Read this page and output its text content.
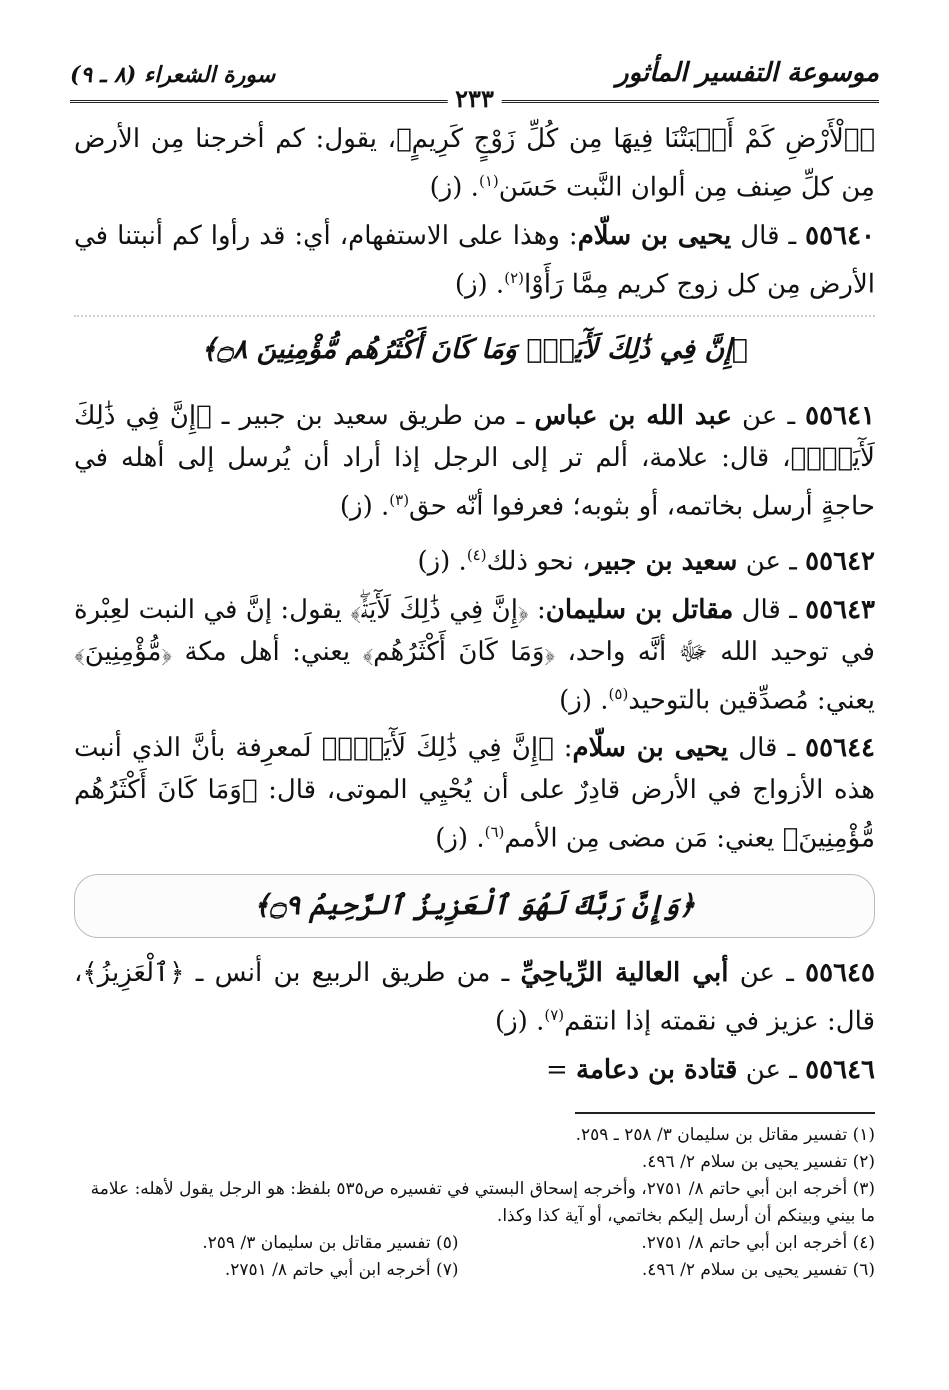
موسوعة التفسير المأثور
٢٣٣
سورة الشعراء (٨ ـ ٩)

﴿ٱلْأَرْضِ كَمْ أَنۢبَتْنَا فِيهَا مِن كُلِّ زَوْجٍ كَرِيمٍ﴾، يقول: كم أخرجنا مِن الأرض مِن كلِّ صِنف مِن ألوان النَّبت حَسَن$^{(١)}$. (ز)

٥٥٦٤٠ ـ قال يحيى بن سلّام: وهذا على الاستفهام، أي: قد رأوا كم أنبتنا في الأرض مِن كل زوج كريم مِمَّا رَأَوْا$^{(٢)}$. (ز)

﴿إِنَّ فِي ذَٰلِكَ لَأٓيَةًۖ وَمَا كَانَ أَكْثَرُهُم مُّؤْمِنِينَ ۝٨﴾

٥٥٦٤١ ـ عن عبد الله بن عباس ـ من طريق سعيد بن جبير ـ ﴿إِنَّ فِي ذَٰلِكَ لَأٓيَةًۖ﴾، قال: علامة، ألم تر إلى الرجل إذا أراد أن يُرسل إلى أهله في حاجةٍ أرسل بخاتمه، أو بثوبه؛ فعرفوا أنّه حق$^{(٣)}$. (ز)

٥٥٦٤٢ ـ عن سعيد بن جبير، نحو ذلك$^{(٤)}$. (ز)

٥٥٦٤٣ ـ قال مقاتل بن سليمان: ﴿إِنَّ فِي ذَٰلِكَ لَأٓيَةًۖ﴾ يقول: إنَّ في النبت لعِبْرة في توحيد الله ﷻ أنَّه واحد، ﴿وَمَا كَانَ أَكْثَرُهُم﴾ يعني: أهل مكة ﴿مُّؤْمِنِينَ﴾ يعني: مُصدِّقين بالتوحيد$^{(٥)}$. (ز)

٥٥٦٤٤ ـ قال يحيى بن سلّام: ﴿إِنَّ فِي ذَٰلِكَ لَأٓيَةًۖ﴾ لَمعرِفة بأنَّ الذي أنبت هذه الأزواج في الأرض قادِرٌ على أن يُحْيِي الموتى، قال: ﴿وَمَا كَانَ أَكْثَرُهُم مُّؤْمِنِينَ﴾ يعني: مَن مضى مِن الأمم$^{(٦)}$. (ز)

﴿وَإِنَّ رَبَّكَ لَهُوَ ٱلْعَزِيزُ ٱلرَّحِيمُ ۝٩﴾

٥٥٦٤٥ ـ عن أبي العالية الرِّياحِيِّ ـ من طريق الربيع بن أنس ـ ﴿ٱلْعَزِيزُ﴾، قال: عزيز في نقمته إذا انتقم$^{(٧)}$. (ز)

٥٥٦٤٦ ـ عن قتادة بن دعامة =

(١) تفسير مقاتل بن سليمان ٣/ ٢٥٨ ـ ٢٥٩.

(٢) تفسير يحيى بن سلام ٢/ ٤٩٦.

(٣) أخرجه ابن أبي حاتم ٨/ ٢٧٥١، وأخرجه إسحاق البستي في تفسيره ص٥٣٥ بلفظ: هو الرجل يقول لأهله: علامة ما بيني وبينكم أن أرسل إليكم بخاتمي، أو آية كذا وكذا.

(٤) أخرجه ابن أبي حاتم ٨/ ٢٧٥١.

(٥) تفسير مقاتل بن سليمان ٣/ ٢٥٩.

(٦) تفسير يحيى بن سلام ٢/ ٤٩٦.

(٧) أخرجه ابن أبي حاتم ٨/ ٢٧٥١.
